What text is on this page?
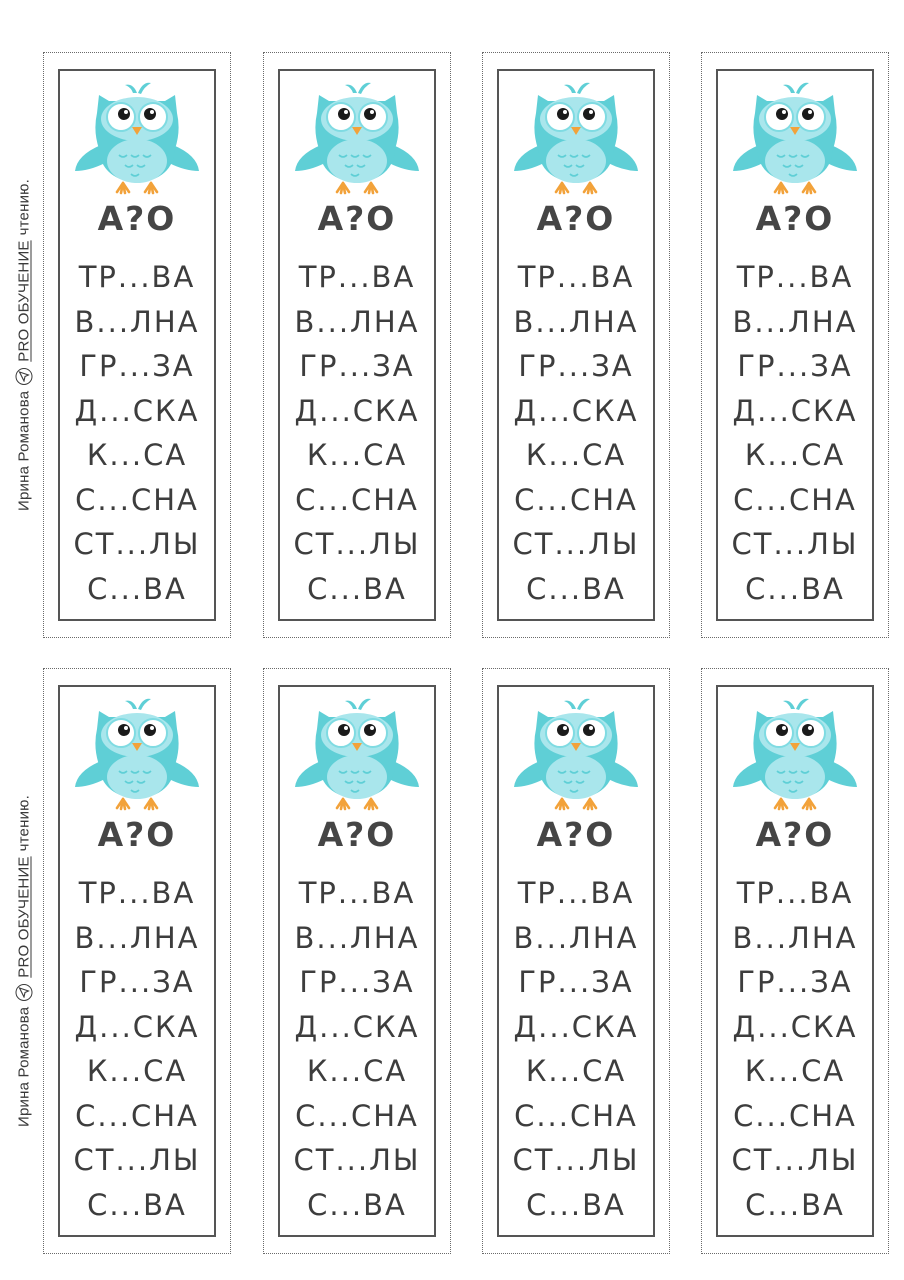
Ирина Романова
PRO ОБУЧЕНИЕ
чтению.	А?О
ТР...ВА
В...ЛНА
ГР...ЗА
Д...СКА
К...СА
С...СНА
СТ...ЛЫ
С...ВА
А?О
ТР...ВА
В...ЛНА
ГР...ЗА
Д...СКА
К...СА
С...СНА
СТ...ЛЫ
С...ВА
А?О
ТР...ВА
В...ЛНА
ГР...ЗА
Д...СКА
К...СА
С...СНА
СТ...ЛЫ
С...ВА
А?О
ТР...ВА
В...ЛНА
ГР...ЗА
Д...СКА
К...СА
С...СНА
СТ...ЛЫ
С...ВА
Ирина Романова
PRO ОБУЧЕНИЕ
чтению.	А?О
ТР...ВА
В...ЛНА
ГР...ЗА
Д...СКА
К...СА
С...СНА
СТ...ЛЫ
С...ВА
А?О
ТР...ВА
В...ЛНА
ГР...ЗА
Д...СКА
К...СА
С...СНА
СТ...ЛЫ
С...ВА
А?О
ТР...ВА
В...ЛНА
ГР...ЗА
Д...СКА
К...СА
С...СНА
СТ...ЛЫ
С...ВА
А?О
ТР...ВА
В...ЛНА
ГР...ЗА
Д...СКА
К...СА
С...СНА
СТ...ЛЫ
С...ВА
